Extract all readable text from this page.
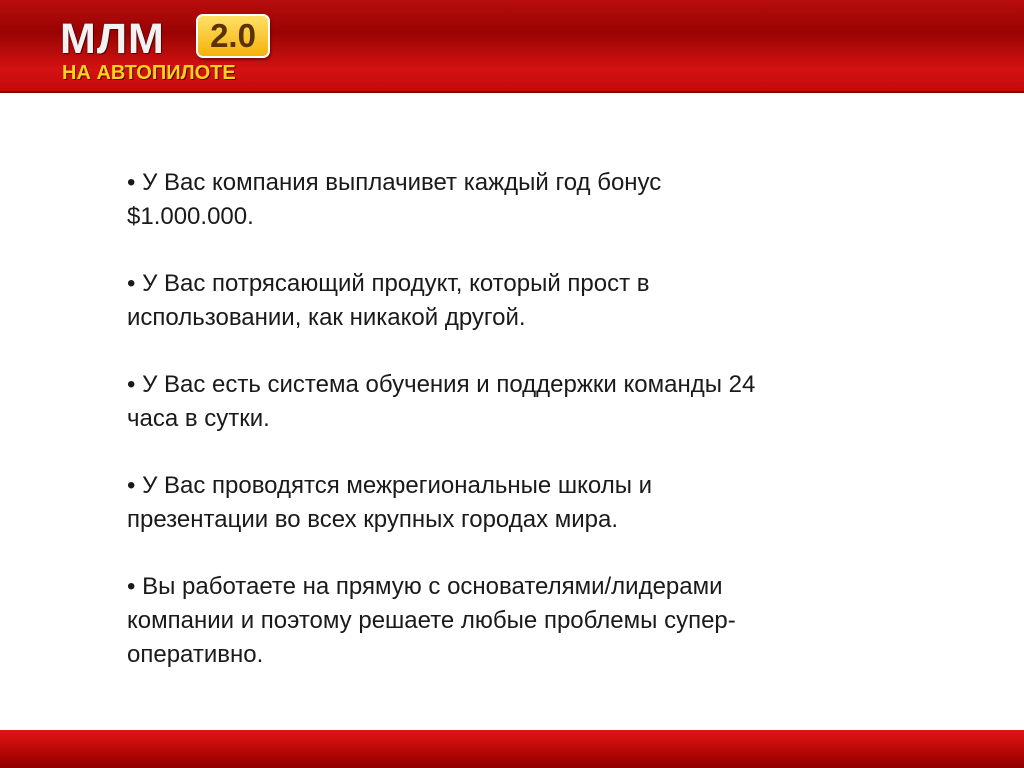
МЛМ	2.0
НА АВТОПИЛОТЕ

• У Вас компания выплачивет каждый год бонус
$1.000.000.

• У Вас потрясающий продукт, который прост в
использовании, как никакой другой.

• У Вас есть система обучения и поддержки команды 24
часа в сутки.

• У Вас проводятся межрегиональные школы и
презентации во всех крупных городах мира.

• Вы работаете на прямую с основателями/лидерами
компании и поэтому решаете любые проблемы супер-
оперативно.
